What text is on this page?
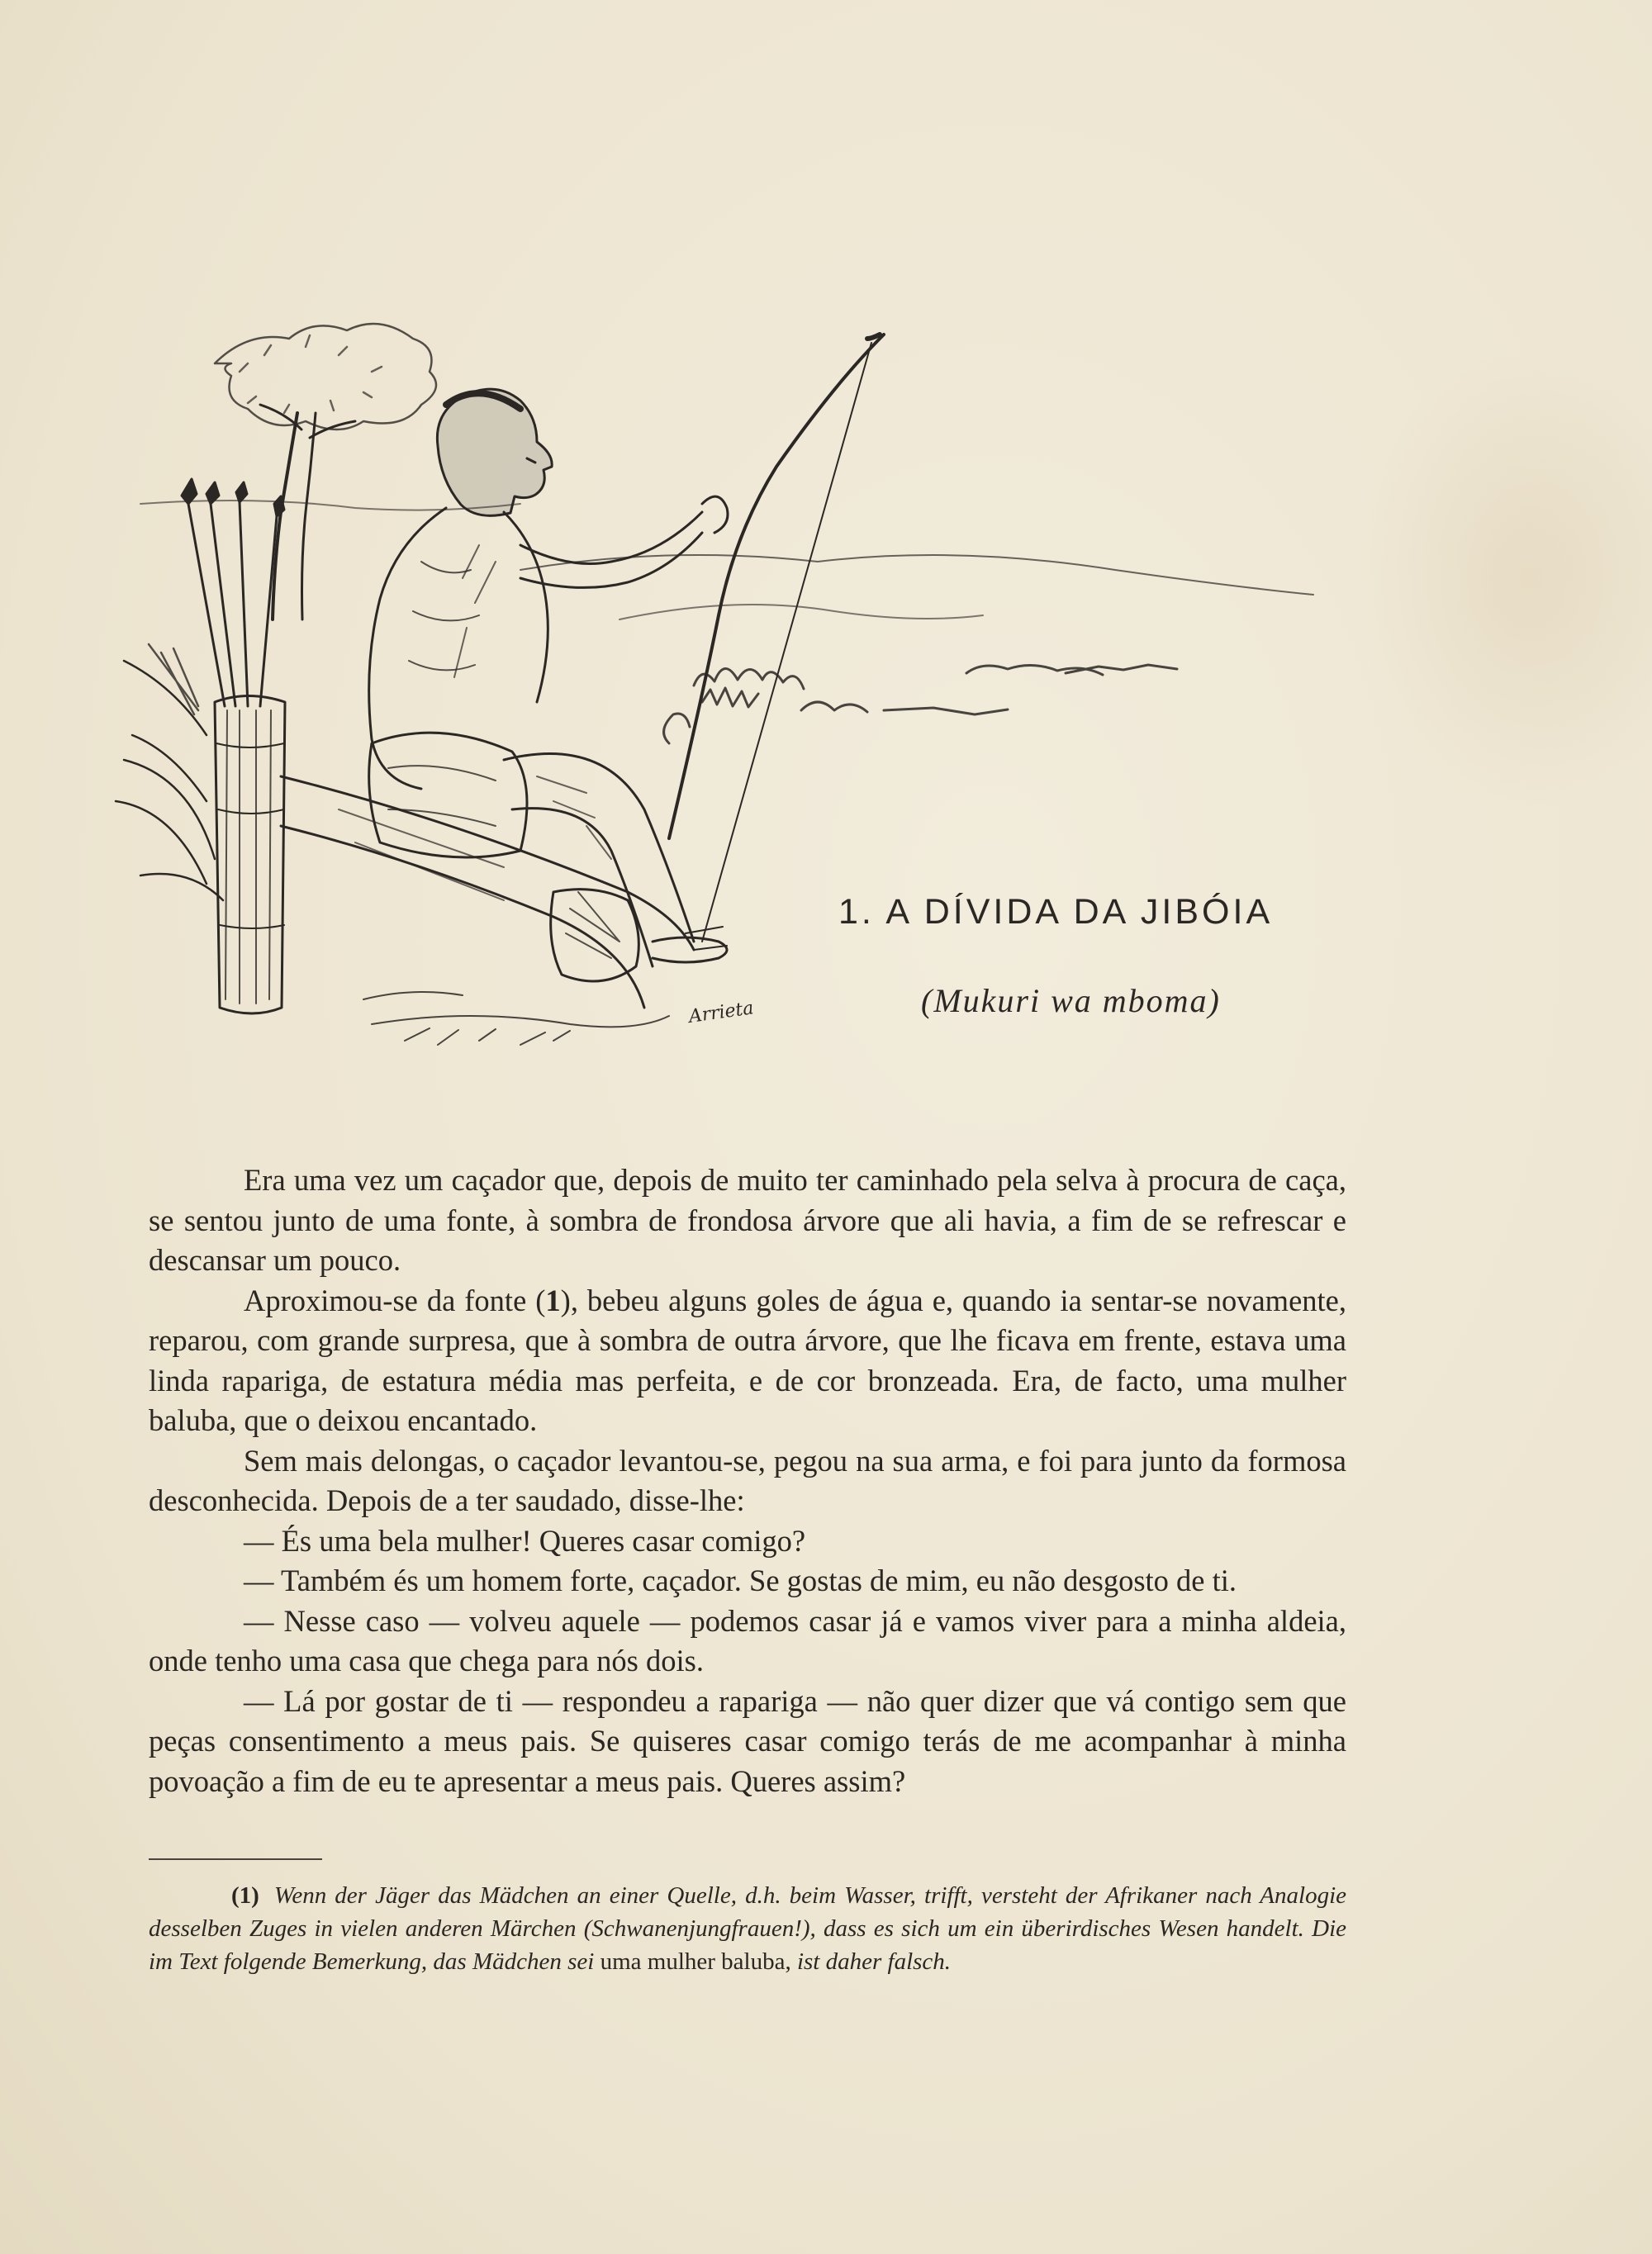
Arrieta
1. A DÍVIDA DA JIBÓIA
(Mukuri wa mboma)

Era uma vez um caçador que, depois de muito ter caminhado pela selva à procura de caça, se sentou junto de uma fonte, à sombra de frondosa árvore que ali havia, a fim de se refrescar e descansar um pouco.

Aproximou-se da fonte (1), bebeu alguns goles de água e, quando ia sentar-se novamente, reparou, com grande surpresa, que à sombra de outra árvore, que lhe ficava em frente, estava uma linda rapariga, de estatura média mas perfeita, e de cor bronzeada. Era, de facto, uma mulher baluba, que o deixou encantado.

Sem mais delongas, o caçador levantou-se, pegou na sua arma, e foi para junto da formosa desconhecida. Depois de a ter saudado, disse-lhe:

— És uma bela mulher! Queres casar comigo?

— Também és um homem forte, caçador. Se gostas de mim, eu não desgosto de ti.

— Nesse caso — volveu aquele — podemos casar já e vamos viver para a minha aldeia, onde tenho uma casa que chega para nós dois.

— Lá por gostar de ti — respondeu a rapariga — não quer dizer que vá contigo sem que peças consentimento a meus pais. Se quiseres casar comigo terás de me acompanhar à minha povoação a fim de eu te apresentar a meus pais. Queres assim?

(1) Wenn der Jäger das Mädchen an einer Quelle, d.h. beim Wasser, trifft, versteht der Afrikaner nach Analogie desselben Zuges in vielen anderen Märchen (Schwanenjungfrauen!), dass es sich um ein überirdisches Wesen handelt. Die im Text folgende Bemerkung, das Mädchen sei uma mulher baluba, ist daher falsch.
